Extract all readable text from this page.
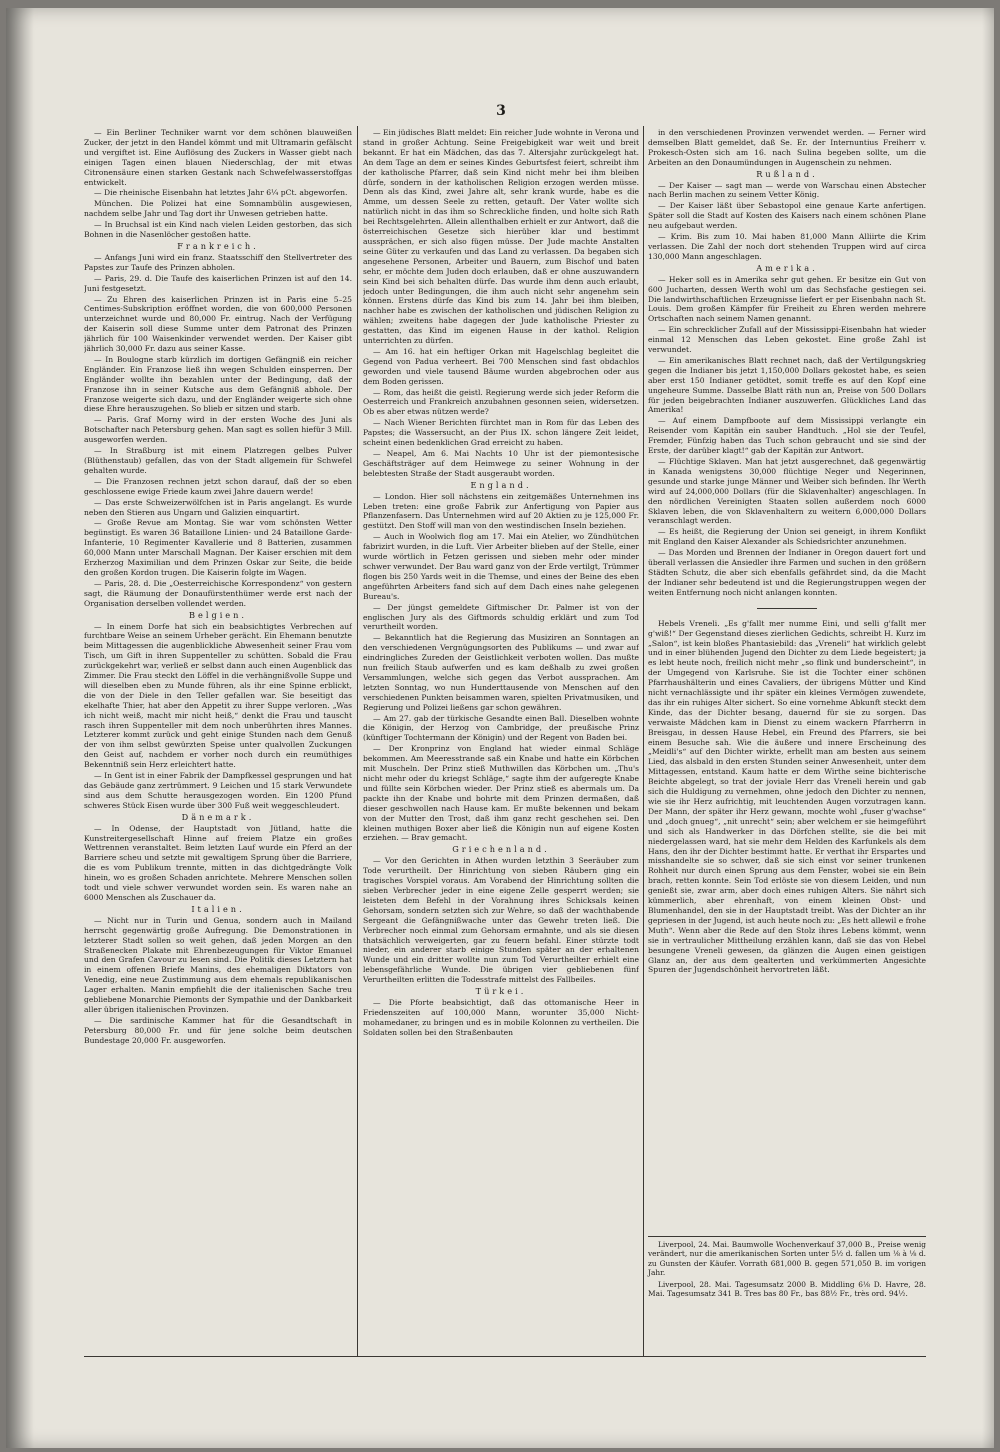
3

— Ein Berliner Techniker warnt vor dem schönen blauweißen Zucker, der jetzt in den Handel kömmt und mit Ultramarin gefälscht und vergiftet ist. Eine Auflösung des Zuckers in Wasser giebt nach einigen Tagen einen blauen Niederschlag, der mit etwas Citronensäure einen starken Gestank nach Schwefelwasserstoffgas entwickelt.

— Die rheinische Eisenbahn hat letztes Jahr 6¼ pCt. abgeworfen.

München. Die Polizei hat eine Somnambülin ausgewiesen, nachdem selbe Jahr und Tag dort ihr Unwesen getrieben hatte.

— In Bruchsal ist ein Kind nach vielen Leiden gestorben, das sich Bohnen in die Nasenlöcher gestoßen hatte.

Frankreich.

— Anfangs Juni wird ein franz. Staatsschiff den Stellvertreter des Papstes zur Taufe des Prinzen abholen.

— Paris, 29. d. Die Taufe des kaiserlichen Prinzen ist auf den 14. Juni festgesetzt.

— Zu Ehren des kaiserlichen Prinzen ist in Paris eine 5–25 Centimes-Subskription eröffnet worden, die von 600,000 Personen unterzeichnet wurde und 80,000 Fr. eintrug. Nach der Verfügung der Kaiserin soll diese Summe unter dem Patronat des Prinzen jährlich für 100 Waisenkinder verwendet werden. Der Kaiser gibt jährlich 30,000 Fr. dazu aus seiner Kasse.

— In Boulogne starb kürzlich im dortigen Gefängniß ein reicher Engländer. Ein Franzose ließ ihn wegen Schulden einsperren. Der Engländer wollte ihn bezahlen unter der Bedingung, daß der Franzose ihn in seiner Kutsche aus dem Gefängniß abhole. Der Franzose weigerte sich dazu, und der Engländer weigerte sich ohne diese Ehre herauszugehen. So blieb er sitzen und starb.

— Paris. Graf Morny wird in der ersten Woche des Juni als Botschafter nach Petersburg gehen. Man sagt es sollen hiefür 3 Mill. ausgeworfen werden.

— In Straßburg ist mit einem Platzregen gelbes Pulver (Blüthenstaub) gefallen, das von der Stadt allgemein für Schwefel gehalten wurde.

— Die Franzosen rechnen jetzt schon darauf, daß der so eben geschlossene ewige Friede kaum zwei Jahre dauern werde!

— Das erste Schweizerwölfchen ist in Paris angelangt. Es wurde neben den Stieren aus Ungarn und Galizien einquartirt.

— Große Revue am Montag. Sie war vom schönsten Wetter begünstigt. Es waren 36 Bataillone Linien- und 24 Bataillone Garde-Infanterie, 10 Regimenter Kavallerie und 8 Batterien, zusammen 60,000 Mann unter Marschall Magnan. Der Kaiser erschien mit dem Erzherzog Maximilian und dem Prinzen Oskar zur Seite, die beide den großen Kordon trugen. Die Kaiserin folgte im Wagen.

— Paris, 28. d. Die „Oesterreichische Korrespondenz“ von gestern sagt, die Räumung der Donaufürstenthümer werde erst nach der Organisation derselben vollendet werden.

Belgien.

— In einem Dorfe hat sich ein beabsichtigtes Verbrechen auf furchtbare Weise an seinem Urheber gerächt. Ein Ehemann benutzte beim Mittagessen die augenblickliche Abwesenheit seiner Frau vom Tisch, um Gift in ihren Suppenteller zu schütten. Sobald die Frau zurückgekehrt war, verließ er selbst dann auch einen Augenblick das Zimmer. Die Frau steckt den Löffel in die verhängnißvolle Suppe und will dieselben eben zu Munde führen, als ihr eine Spinne erblickt, die von der Diele in den Teller gefallen war. Sie beseitigt das ekelhafte Thier, hat aber den Appetit zu ihrer Suppe verloren. „Was ich nicht weiß, macht mir nicht heiß,“ denkt die Frau und tauscht rasch ihren Suppenteller mit dem noch unberührten ihres Mannes. Letzterer kommt zurück und geht einige Stunden nach dem Genuß der von ihm selbst gewürzten Speise unter qualvollen Zuckungen den Geist auf, nachdem er vorher noch durch ein reumüthiges Bekenntniß sein Herz erleichtert hatte.

— In Gent ist in einer Fabrik der Dampfkessel gesprungen und hat das Gebäude ganz zertrümmert. 9 Leichen und 15 stark Verwundete sind aus dem Schutte herausgezogen worden. Ein 1200 Pfund schweres Stück Eisen wurde über 300 Fuß weit weggeschleudert.

Dänemark.

— In Odense, der Hauptstadt von Jütland, hatte die Kunstreitergesellschaft Hinne auf freiem Platze ein großes Wettrennen veranstaltet. Beim letzten Lauf wurde ein Pferd an der Barriere scheu und setzte mit gewaltigem Sprung über die Barriere, die es vom Publikum trennte, mitten in das dichtgedrängte Volk hinein, wo es großen Schaden anrichtete. Mehrere Menschen sollen todt und viele schwer verwundet worden sein. Es waren nahe an 6000 Menschen als Zuschauer da.

Italien.

— Nicht nur in Turin und Genua, sondern auch in Mailand herrscht gegenwärtig große Aufregung. Die Demonstrationen in letzterer Stadt sollen so weit gehen, daß jeden Morgen an den Straßenecken Plakate mit Ehrenbezeugungen für Viktor Emanuel und den Grafen Cavour zu lesen sind. Die Politik dieses Letztern hat in einem offenen Briefe Manins, des ehemaligen Diktators von Venedig, eine neue Zustimmung aus dem ehemals republikanischen Lager erhalten. Manin empfiehlt die der italienischen Sache treu gebliebene Monarchie Piemonts der Sympathie und der Dankbarkeit aller übrigen italienischen Provinzen.

— Die sardinische Kammer hat für die Gesandtschaft in Petersburg 80,000 Fr. und für jene solche beim deutschen Bundestage 20,000 Fr. ausgeworfen.

— Ein jüdisches Blatt meldet: Ein reicher Jude wohnte in Verona und stand in großer Achtung. Seine Freigebigkeit war weit und breit bekannt. Er hat ein Mädchen, das das 7. Altersjahr zurückgelegt hat. An dem Tage an dem er seines Kindes Geburtsfest feiert, schreibt ihm der katholische Pfarrer, daß sein Kind nicht mehr bei ihm bleiben dürfe, sondern in der katholischen Religion erzogen werden müsse. Denn als das Kind, zwei Jahre alt, sehr krank wurde, habe es die Amme, um dessen Seele zu retten, getauft. Der Vater wollte sich natürlich nicht in das ihm so Schreckliche finden, und holte sich Rath bei Rechtsgelehrten. Allein allenthalben erhielt er zur Antwort, daß die österreichischen Gesetze sich hierüber klar und bestimmt aussprächen, er sich also fügen müsse. Der Jude machte Anstalten seine Güter zu verkaufen und das Land zu verlassen. Da begaben sich angesehene Personen, Arbeiter und Bauern, zum Bischof und baten sehr, er möchte dem Juden doch erlauben, daß er ohne auszuwandern sein Kind bei sich behalten dürfe. Das wurde ihm denn auch erlaubt, jedoch unter Bedingungen, die ihm auch nicht sehr angenehm sein können. Erstens dürfe das Kind bis zum 14. Jahr bei ihm bleiben, nachher habe es zwischen der katholischen und jüdischen Religion zu wählen; zweitens habe dagegen der Jude katholische Priester zu gestatten, das Kind im eigenen Hause in der kathol. Religion unterrichten zu dürfen.

— Am 16. hat ein heftiger Orkan mit Hagelschlag begleitet die Gegend von Padua verheert. Bei 700 Menschen sind fast obdachlos geworden und viele tausend Bäume wurden abgebrochen oder aus dem Boden gerissen.

— Rom, das heißt die geistl. Regierung werde sich jeder Reform die Oesterreich und Frankreich anzubahnen gesonnen seien, widersetzen. Ob es aber etwas nützen werde?

— Nach Wiener Berichten fürchtet man in Rom für das Leben des Papstes; die Wassersucht, an der Pius IX. schon längere Zeit leidet, scheint einen bedenklichen Grad erreicht zu haben.

— Neapel, Am 6. Mai Nachts 10 Uhr ist der piemontesische Geschäftsträger auf dem Heimwege zu seiner Wohnung in der belebtesten Straße der Stadt ausgeraubt worden.

England.

— London. Hier soll nächstens ein zeitgemäßes Unternehmen ins Leben treten: eine große Fabrik zur Anfertigung von Papier aus Pflanzenfasern. Das Unternehmen wird auf 20 Aktien zu je 125,000 Fr. gestützt. Den Stoff will man von den westindischen Inseln beziehen.

— Auch in Woolwich flog am 17. Mai ein Atelier, wo Zündhütchen fabrizirt wurden, in die Luft. Vier Arbeiter blieben auf der Stelle, einer wurde wörtlich in Fetzen gerissen und sieben mehr oder minder schwer verwundet. Der Bau ward ganz von der Erde vertilgt, Trümmer flogen bis 250 Yards weit in die Themse, und eines der Beine des eben angeführten Arbeiters fand sich auf dem Dach eines nahe gelegenen Bureau's.

— Der jüngst gemeldete Giftmischer Dr. Palmer ist von der englischen Jury als des Giftmords schuldig erklärt und zum Tod verurtheilt worden.

— Bekanntlich hat die Regierung das Musiziren an Sonntagen an den verschiedenen Vergnügungsorten des Publikums — und zwar auf eindringliches Zureden der Geistlichkeit verboten wollen. Das mußte nun freilich Staub aufwerfen und es kam deßhalb zu zwei großen Versammlungen, welche sich gegen das Verbot aussprachen. Am letzten Sonntag, wo nun Hunderttausende von Menschen auf den verschiedenen Punkten beisammen waren, spielten Privatmusiken, und Regierung und Polizei ließens gar schon gewähren.

— Am 27. gab der türkische Gesandte einen Ball. Dieselben wohnte die Königin, der Herzog von Cambridge, der preußische Prinz (künftiger Tochtermann der Königin) und der Regent von Baden bei.

— Der Kronprinz von England hat wieder einmal Schläge bekommen. Am Meeresstrande saß ein Knabe und hatte ein Körbchen mit Muscheln. Der Prinz stieß Muthwillen das Körbchen um. „Thu's nicht mehr oder du kriegst Schläge,“ sagte ihm der aufgeregte Knabe und füllte sein Körbchen wieder. Der Prinz stieß es abermals um. Da packte ihn der Knabe und bohrte mit dem Prinzen dermaßen, daß dieser geschwollen nach Hause kam. Er mußte bekennen und bekam von der Mutter den Trost, daß ihm ganz recht geschehen sei. Den kleinen muthigen Boxer aber ließ die Königin nun auf eigene Kosten erziehen. — Brav gemacht.

Griechenland.

— Vor den Gerichten in Athen wurden letzthin 3 Seeräuber zum Tode verurtheilt. Der Hinrichtung von sieben Räubern ging ein tragisches Vorspiel voraus. Am Vorabend der Hinrichtung sollten die sieben Verbrecher jeder in eine eigene Zelle gesperrt werden; sie leisteten dem Befehl in der Vorahnung ihres Schicksals keinen Gehorsam, sondern setzten sich zur Wehre, so daß der wachthabende Sergeant die Gefängnißwache unter das Gewehr treten ließ. Die Verbrecher noch einmal zum Gehorsam ermahnte, und als sie diesen thatsächlich verweigerten, gar zu feuern befahl. Einer stürzte todt nieder, ein anderer starb einige Stunden später an der erhaltenen Wunde und ein dritter wollte nun zum Tod Verurtheilter erhielt eine lebensgefährliche Wunde. Die übrigen vier gebliebenen fünf Verurtheilten erlitten die Todesstrafe mittelst des Fallbeiles.

Türkei.

— Die Pforte beabsichtigt, daß das ottomanische Heer in Friedenszeiten auf 100,000 Mann, worunter 35,000 Nicht-mohamedaner, zu bringen und es in mobile Kolonnen zu vertheilen. Die Soldaten sollen bei den Straßenbauten

in den verschiedenen Provinzen verwendet werden. — Ferner wird demselben Blatt gemeldet, daß Se. Er. der Internuntius Freiherr v. Prokesch-Osten sich am 16. nach Sulina begeben sollte, um die Arbeiten an den Donaumündungen in Augenschein zu nehmen.

Rußland.

— Der Kaiser — sagt man — werde von Warschau einen Abstecher nach Berlin machen zu seinem Vetter König.

— Der Kaiser läßt über Sebastopol eine genaue Karte anfertigen. Später soll die Stadt auf Kosten des Kaisers nach einem schönen Plane neu aufgebaut werden.

— Krim. Bis zum 10. Mai haben 81,000 Mann Alliirte die Krim verlassen. Die Zahl der noch dort stehenden Truppen wird auf circa 130,000 Mann angeschlagen.

Amerika.

— Heker soll es in Amerika sehr gut gehen. Er besitze ein Gut von 600 Jucharten, dessen Werth wohl um das Sechsfache gestiegen sei. Die landwirthschaftlichen Erzeugnisse liefert er per Eisenbahn nach St. Louis. Dem großen Kämpfer für Freiheit zu Ehren werden mehrere Ortschaften nach seinem Namen genannt.

— Ein schrecklicher Zufall auf der Mississippi-Eisenbahn hat wieder einmal 12 Menschen das Leben gekostet. Eine große Zahl ist verwundet.

— Ein amerikanisches Blatt rechnet nach, daß der Vertilgungskrieg gegen die Indianer bis jetzt 1,150,000 Dollars gekostet habe, es seien aber erst 150 Indianer getödtet, somit treffe es auf den Kopf eine ungeheure Summe. Dasselbe Blatt räth nun an, Preise von 500 Dollars für jeden beigebrachten Indianer auszuwerfen. Glückliches Land das Amerika!

— Auf einem Dampfboote auf dem Mississippi verlangte ein Reisender vom Kapitän ein sauber Handtuch. „Hol sie der Teufel, Fremder, Fünfzig haben das Tuch schon gebraucht und sie sind der Erste, der darüber klagt!“ gab der Kapitän zur Antwort.

— Flüchtige Sklaven. Man hat jetzt ausgerechnet, daß gegenwärtig in Kanada wenigstens 30,000 flüchtige Neger und Negerinnen, gesunde und starke junge Männer und Weiber sich befinden. Ihr Werth wird auf 24,000,000 Dollars (für die Sklavenhalter) angeschlagen. In den nördlichen Vereinigten Staaten sollen außerdem noch 6000 Sklaven leben, die von Sklavenhaltern zu weitern 6,000,000 Dollars veranschlagt werden.

— Es heißt, die Regierung der Union sei geneigt, in ihrem Konflikt mit England den Kaiser Alexander als Schiedsrichter anzunehmen.

— Das Morden und Brennen der Indianer in Oregon dauert fort und überall verlassen die Ansiedler ihre Farmen und suchen in den größern Städten Schutz, die aber sich ebenfalls gefährdet sind, da die Macht der Indianer sehr bedeutend ist und die Regierungstruppen wegen der weiten Entfernung noch nicht anlangen konnten.

Hebels Vreneli. „Es g'fallt mer numme Eini, und selli g'fallt mer g'wiß!“ Der Gegenstand dieses zierlichen Gedichts, schreibt H. Kurz im „Salon“, ist kein bloßes Phantasiebild: das „Vreneli“ hat wirklich gelebt und in einer blühenden Jugend den Dichter zu dem Liede begeistert; ja es lebt heute noch, freilich nicht mehr „so flink und bunderscheint“, in der Umgegend von Karlsruhe. Sie ist die Tochter einer schönen Pfarrhaushälterin und eines Cavaliers, der übrigens Mütter und Kind nicht vernachlässigte und ihr später ein kleines Vermögen zuwendete, das ihr ein ruhiges Alter sichert. So eine vornehme Abkunft steckt dem Kinde, das der Dichter besang, dauernd für sie zu sorgen. Das verwaiste Mädchen kam in Dienst zu einem wackern Pfarrherrn in Breisgau, in dessen Hause Hebel, ein Freund des Pfarrers, sie bei einem Besuche sah. Wie die äußere und innere Erscheinung des „Meidli's“ auf den Dichter wirkte, erhellt man am besten aus seinem Lied, das alsbald in den ersten Stunden seiner Anwesenheit, unter dem Mittagessen, entstand. Kaum hatte er dem Wirthe seine bichterische Beichte abgelegt, so trat der joviale Herr das Vreneli herein und gab sich die Huldigung zu vernehmen, ohne jedoch den Dichter zu nennen, wie sie ihr Herz aufrichtig, mit leuchtenden Augen vorzutragen kann. Der Mann, der später ihr Herz gewann, mochte wohl „fuser g'wachse“ und „doch gnueg“, „nit unrecht“ sein; aber welchem er sie heimgeführt und sich als Handwerker in das Dörfchen stellte, sie die bei mit niedergelassen ward, hat sie mehr dem Helden des Karfunkels als dem Hans, den ihr der Dichter bestimmt hatte. Er verthat ihr Erspartes und misshandelte sie so schwer, daß sie sich einst vor seiner trunkenen Rohheit nur durch einen Sprung aus dem Fenster, wobei sie ein Bein brach, retten konnte. Sein Tod erlöste sie von diesem Leiden, und nun genießt sie, zwar arm, aber doch eines ruhigen Alters. Sie nährt sich kümmerlich, aber ehrenhaft, von einem kleinen Obst- und Blumenhandel, den sie in der Hauptstadt treibt. Was der Dichter an ihr gepriesen in der Jugend, ist auch heute noch zu: „Es hett allewil e frohe Muth“. Wenn aber die Rede auf den Stolz ihres Lebens kömmt, wenn sie in vertraulicher Mittheilung erzählen kann, daß sie das von Hebel besungene Vreneli gewesen, da glänzen die Augen einen geistigen Glanz an, der aus dem gealterten und verkümmerten Angesichte Spuren der Jugendschönheit hervortreten läßt.

Liverpool, 24. Mai. Baumwolle Wochenverkauf 37,000 B., Preise wenig verändert, nur die amerikanischen Sorten unter 5½ d. fallen um ⅛ à ⅛ d. zu Gunsten der Käufer. Vorrath 681,000 B. gegen 571,050 B. im vorigen Jahr.

Liverpool, 28. Mai. Tagesumsatz 2000 B. Middling 6⅛ D. Havre, 28. Mai. Tagesumsatz 341 B. Tres bas 80 Fr., bas 88½ Fr., très ord. 94½.
